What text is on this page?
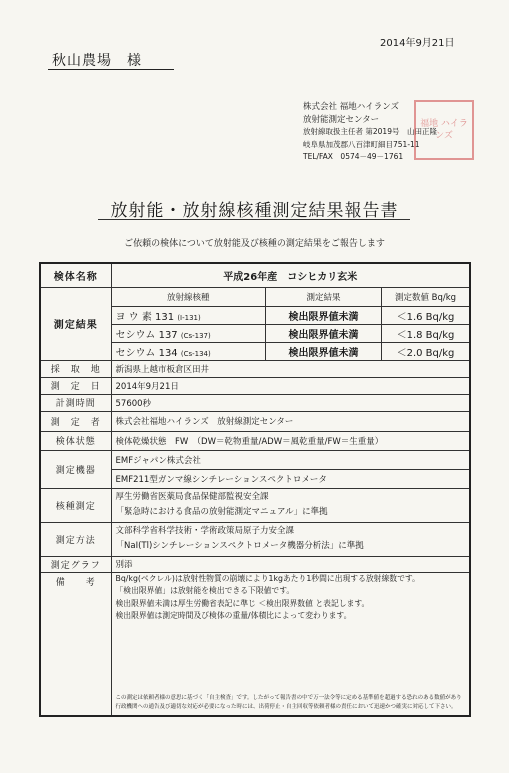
2014年9月21日
秋山農場　様
株式会社 福地ハイランズ
放射能測定センター
放射線取扱主任者 第2019号　山田正隆
岐阜県加茂郡八百津町細目751-11
TEL/FAX　0574－49－1761
福地 ハイランズ
放射能・放射線核種測定結果報告書
ご依頼の検体について放射能及び核種の測定結果をご報告します
検体名称	平成26年産　コシヒカリ玄米
測定結果	
放射線核種	測定結果	測定数値 Bq/kg
ヨ ウ 素 131 (I-131)	検出限界値未満	＜1.6 Bq/kg
セシウム 137 (Cs-137)	検出限界値未満	＜1.8 Bq/kg
セシウム 134 (Cs-134)	検出限界値未満	＜2.0 Bq/kg

採　取　地	新潟県上越市板倉区田井
測　定　日	2014年9月21日
計測時間	57600秒
測　定　者	株式会社福地ハイランズ　放射線測定センター
検体状態	検体乾燥状態　FW　（DW＝乾物重量/ADW＝風乾重量/FW＝生重量）
測定機器	EMFジャパン株式会社
EMF211型ガンマ線シンチレーションスペクトロメータ
核種測定	
厚生労働省医薬局食品保健部監視安全課
「緊急時における食品の放射能測定マニュアル」に準拠

測定方法	
文部科学省科学技術・学術政策局原子力安全課
「NaI(Tl)シンチレーションスペクトロメータ機器分析法」に準拠

測定グラフ	別添
備　　考	Bq/kg(ベクレル)は放射性物質の崩壊により1kgあたり1秒間に出現する放射線数です。
「検出限界値」は放射能を検出できる下限値です。
検出限界値未満は厚生労働省表記に準じ ＜検出限界数値 と表記します。
検出限界値は測定時間及び検体の重量/体積比によって変わります。

この測定は依頼者様の意思に基づく「自主検査」です。したがって報告書の中で万一法令等に定める基準値を超過する恐れのある数値があり行政機関への通告及び適切な対応が必要になった時には、出荷停止・自主回収等依頼者様の責任において迅速かつ確実に対応して下さい。
